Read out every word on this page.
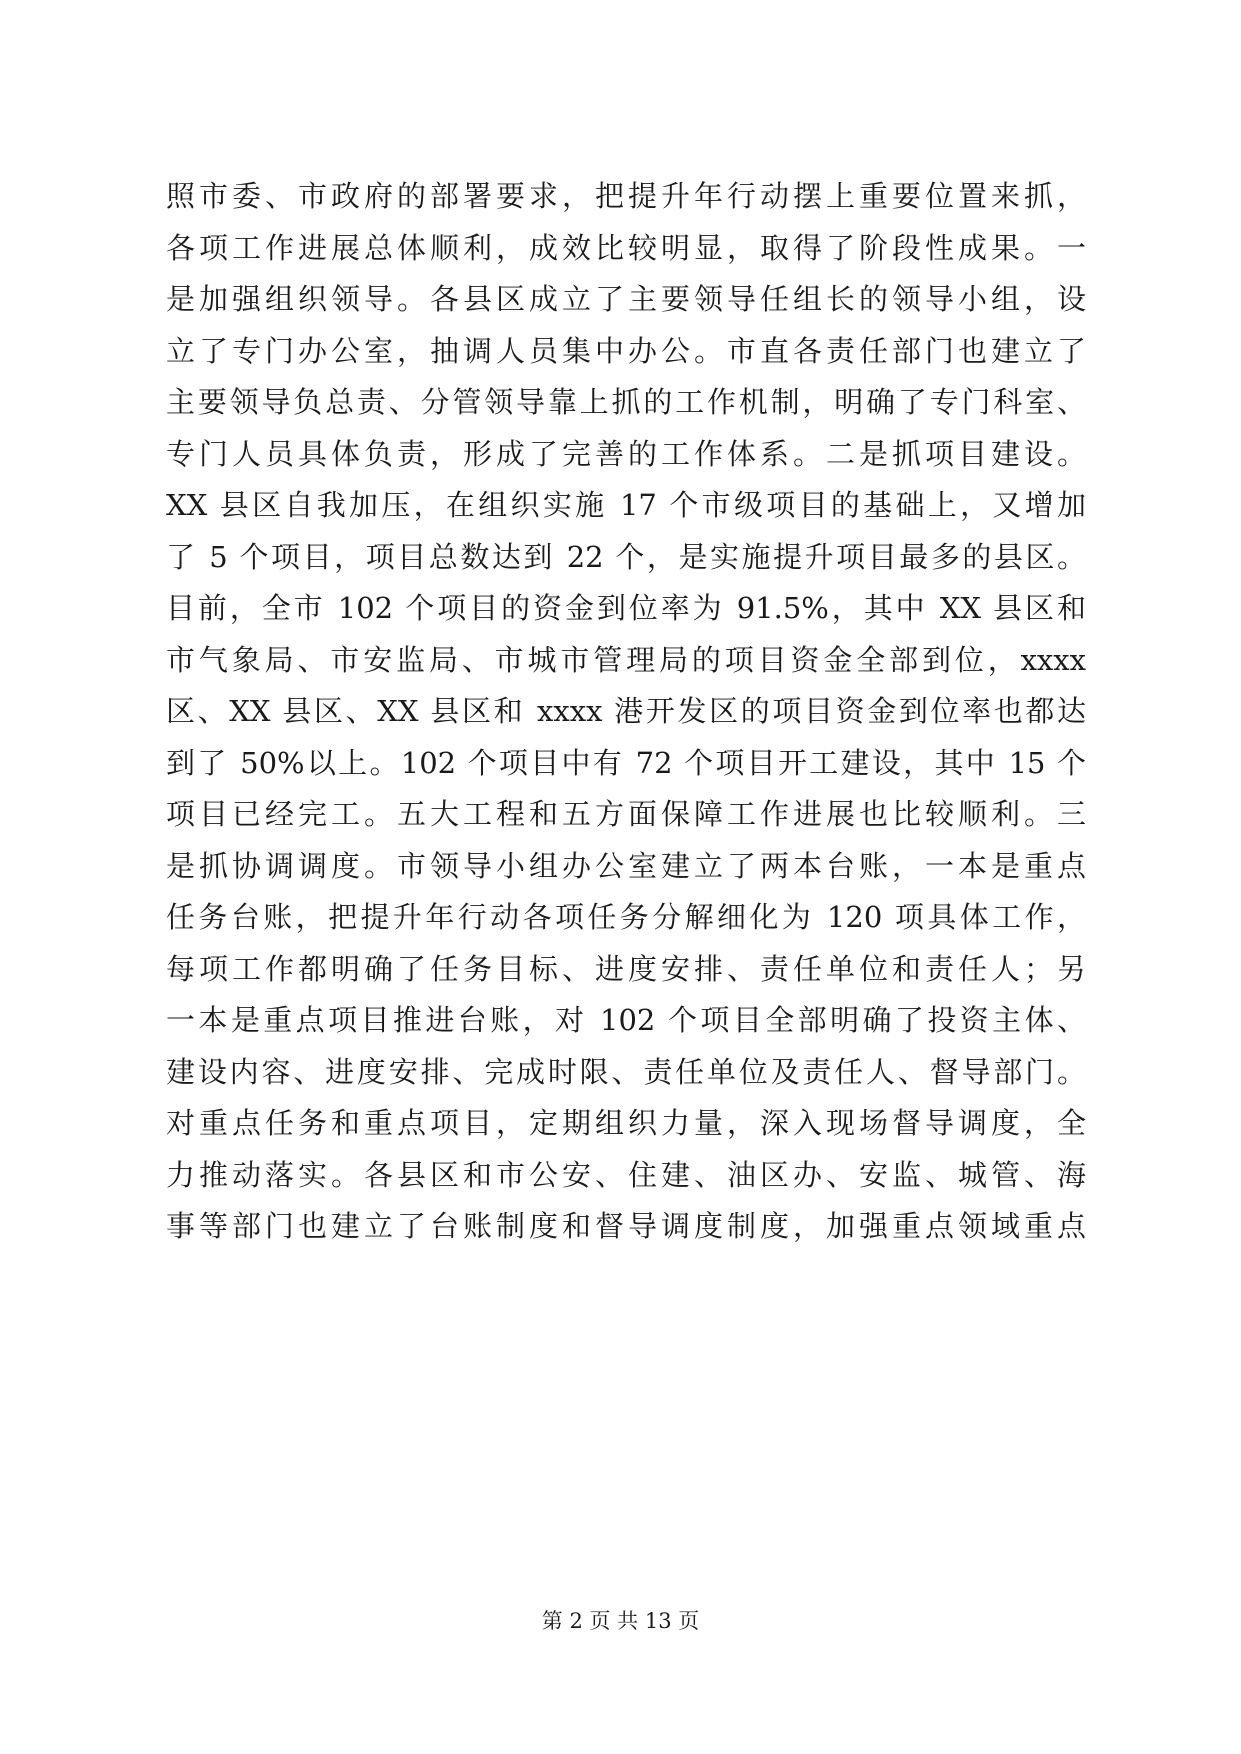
照市委、市政府的部署要求，把提升年行动摆上重要位置来抓，
各项工作进展总体顺利，成效比较明显，取得了阶段性成果。一
是加强组织领导。各县区成立了主要领导任组长的领导小组，设
立了专门办公室，抽调人员集中办公。市直各责任部门也建立了
主要领导负总责、分管领导靠上抓的工作机制，明确了专门科室、
专门人员具体负责，形成了完善的工作体系。二是抓项目建设。
XX 县区自我加压，在组织实施 17 个市级项目的基础上，又增加
了 5 个项目，项目总数达到 22 个，是实施提升项目最多的县区。
目前，全市 102 个项目的资金到位率为 91.5%，其中 XX 县区和
市气象局、市安监局、市城市管理局的项目资金全部到位，xxxx
区、XX 县区、XX 县区和 xxxx 港开发区的项目资金到位率也都达
到了 50%以上。102 个项目中有 72 个项目开工建设，其中 15 个
项目已经完工。五大工程和五方面保障工作进展也比较顺利。三
是抓协调调度。市领导小组办公室建立了两本台账，一本是重点
任务台账，把提升年行动各项任务分解细化为 120 项具体工作，
每项工作都明确了任务目标、进度安排、责任单位和责任人；另
一本是重点项目推进台账，对 102 个项目全部明确了投资主体、
建设内容、进度安排、完成时限、责任单位及责任人、督导部门。
对重点任务和重点项目，定期组织力量，深入现场督导调度，全
力推动落实。各县区和市公安、住建、油区办、安监、城管、海
事等部门也建立了台账制度和督导调度制度，加强重点领域重点
第 2 页 共 13 页
